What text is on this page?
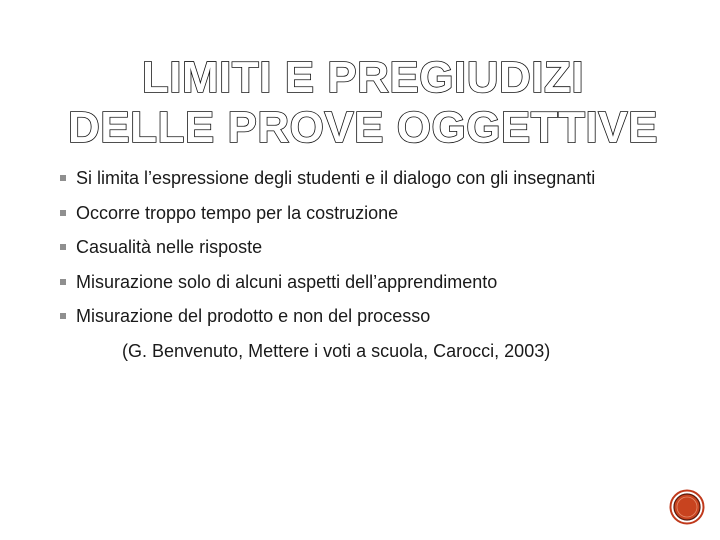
LIMITI E PREGIUDIZI
DELLE PROVE OGGETTIVE
Si limita l’espressione degli studenti e il dialogo con gli insegnanti
Occorre troppo tempo per la costruzione
Casualità nelle risposte
Misurazione solo di alcuni aspetti dell’apprendimento
Misurazione del prodotto e non del processo
(G. Benvenuto, Mettere i voti a scuola, Carocci, 2003)
